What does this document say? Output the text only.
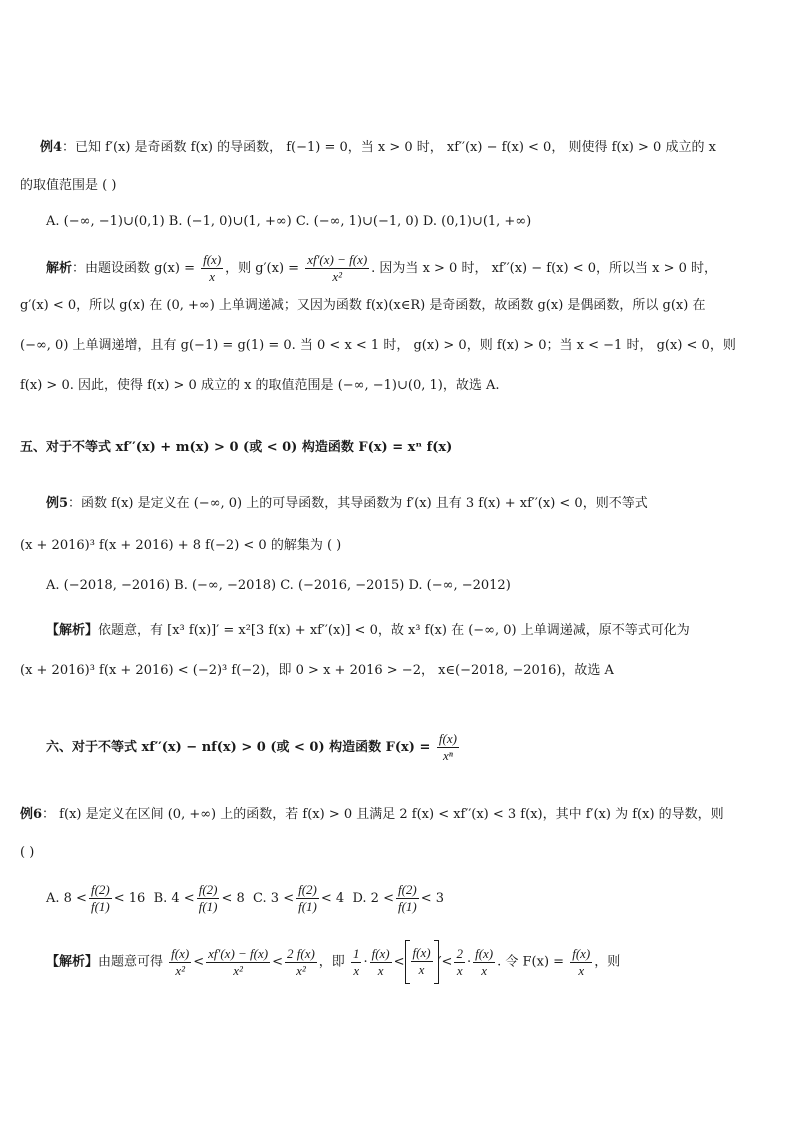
例4：已知 f′(x) 是奇函数 f(x) 的导函数， f(−1) = 0，当 x > 0 时， xf′′(x) − f(x) < 0， 则使得 f(x) > 0 成立的 x
的取值范围是 ( )
A. (−∞, −1)∪(0,1) B. (−1, 0)∪(1, +∞) C. (−∞, 1)∪(−1, 0) D. (0,1)∪(1, +∞)
解析：由题设函数 $g(x) = \frac{f(x)}{x}$ ，则 $g'(x) = \frac{xf'(x) - f(x)}{\text{x²}}$ . 因为当 x > 0 时， xf′′(x) − f(x) < 0，所以当 x > 0 时，
g′(x) < 0，所以 g(x) 在 (0, +∞) 上单调递减；又因为函数 f(x)(x∈R) 是奇函数，故函数 g(x) 是偶函数，所以 g(x) 在
(−∞, 0) 上单调递增，且有 g(−1) = g(1) = 0. 当 0 < x < 1 时， g(x) > 0，则 f(x) > 0；当 x < −1 时， g(x) < 0，则
f(x) > 0. 因此，使得 f(x) > 0 成立的 x 的取值范围是 (−∞, −1)∪(0, 1)，故选 A.
五、对于不等式 xf′′(x) + m(x) > 0 (或 < 0) 构造函数 F(x) = xⁿ f(x)
例5：函数 f(x) 是定义在 (−∞, 0) 上的可导函数，其导函数为 f′(x) 且有 3 f(x) + xf′′(x) < 0，则不等式
(x + 2016)³ f(x + 2016) + 8 f(−2) < 0 的解集为 ( )
A. (−2018, −2016) B. (−∞, −2018) C. (−2016, −2015) D. (−∞, −2012)
【解析】依题意，有 [x³ f(x)]′ = x²[3 f(x) + xf′′(x)] < 0，故 x³ f(x) 在 (−∞, 0) 上单调递减，原不等式可化为
(x + 2016)³ f(x + 2016) < (−2)³ f(−2)，即 0 > x + 2016 > −2， x∈(−2018, −2016)，故选 A
六、对于不等式 xf′′(x) − nf(x) > 0 (或 < 0) 构造函数 $F(x) = \frac{f(x)}{\text{xⁿ}}$
例6： f(x) 是定义在区间 (0, +∞) 上的函数，若 f(x) > 0 且满足 2 f(x) < xf′′(x) < 3 f(x)，其中 f′(x) 为 f(x) 的导数，则
( )
A. $8 < \frac{f(2)}{f(1)} < 16$ B. $4 < \frac{f(2)}{f(1)} < 8$ C. $3 < \frac{f(2)}{f(1)} < 4$ D. $2 < \frac{f(2)}{f(1)} < 3$
【解析】由题意可得 $\frac{f(x)}{\text{x²}} < \frac{xf'(x) - f(x)}{\text{x²}} < \frac{2 f(x)}{\text{x²}}$ ，即 $\frac{1}{x} \cdot \frac{f(x)}{x} < \frac{f(x)}{x}$ ′< $\frac{2}{x} \cdot \frac{f(x)}{x}$ . 令 $F(x) = \frac{f(x)}{x}$ ，则
